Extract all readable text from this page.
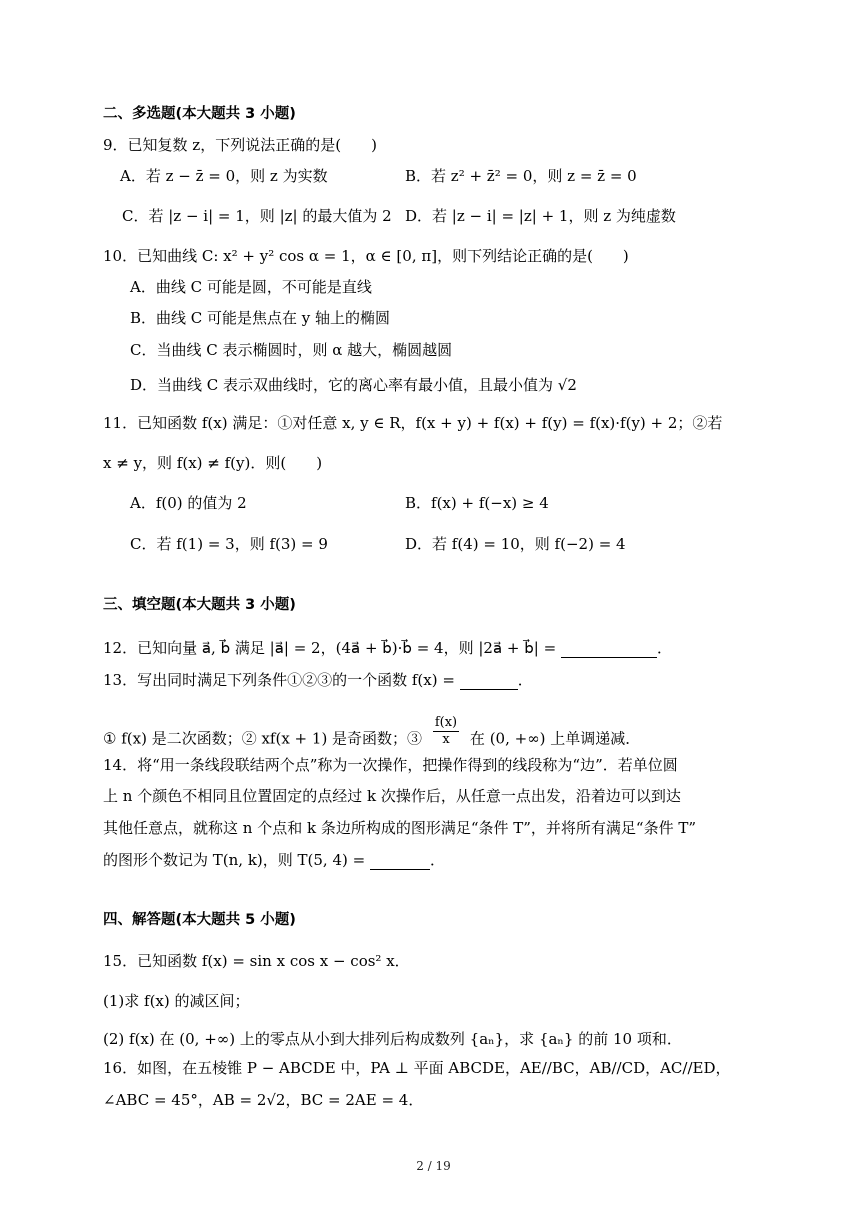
二、多选题(本大题共 3 小题)
9．已知复数 z，下列说法正确的是(  )
A．若 z − z̄ = 0，则 z 为实数	B．若 z² + z̄² = 0，则 z = z̄ = 0
C．若 |z − i| = 1，则 |z| 的最大值为 2 D．若 |z − i| = |z| + 1，则 z 为纯虚数
10．已知曲线 C: x² + y² cos α = 1，α ∈ [0, π]，则下列结论正确的是(  )
A．曲线 C 可能是圆，不可能是直线
B．曲线 C 可能是焦点在 y 轴上的椭圆
C．当曲线 C 表示椭圆时，则 α 越大，椭圆越圆
D．当曲线 C 表示双曲线时，它的离心率有最小值，且最小值为 √2
11．已知函数 f(x) 满足：①对任意 x, y ∈ R，f(x + y) + f(x) + f(y) = f(x)·f(y) + 2；②若
x ≠ y，则 f(x) ≠ f(y)．则(  )
A．f(0) 的值为 2	B．f(x) + f(−x) ≥ 4
C．若 f(1) = 3，则 f(3) = 9	D．若 f(4) = 10，则 f(−2) = 4
三、填空题(本大题共 3 小题)
12．已知向量 a⃗, b⃗ 满足 |a⃗| = 2，(4a⃗ + b⃗)·b⃗ = 4，则 |2a⃗ + b⃗| =	．
13．写出同时满足下列条件①②③的一个函数 f(x) =	．
① f(x) 是二次函数；② xf(x + 1) 是奇函数；③ $\frac{f(x)}{x}$ 在 (0, +∞) 上单调递减．
14．将“用一条线段联结两个点”称为一次操作，把操作得到的线段称为“边”．若单位圆
上 n 个颜色不相同且位置固定的点经过 k 次操作后，从任意一点出发，沿着边可以到达
其他任意点，就称这 n 个点和 k 条边所构成的图形满足“条件 T”，并将所有满足“条件 T”
的图形个数记为 T(n, k)，则 T(5, 4) =	．
四、解答题(本大题共 5 小题)
15．已知函数 f(x) = sin x cos x − cos² x．
(1)求 f(x) 的减区间；
(2) f(x) 在 (0, +∞) 上的零点从小到大排列后构成数列 {aₙ}，求 {aₙ} 的前 10 项和．
16．如图，在五棱锥 P − ABCDE 中，PA ⊥ 平面 ABCDE，AE//BC，AB//CD，AC//ED，
∠ABC = 45°，AB = 2√2，BC = 2AE = 4．
2 / 19
